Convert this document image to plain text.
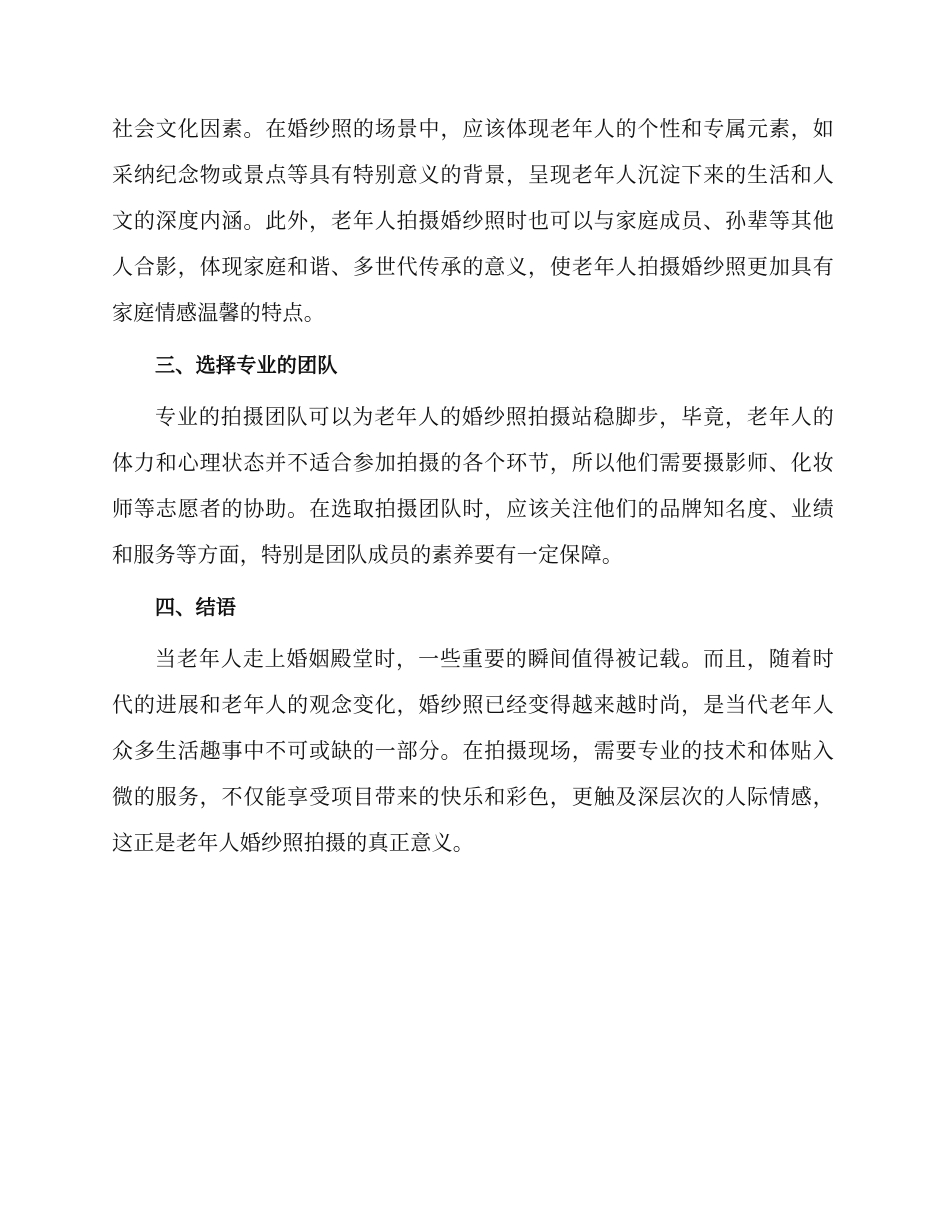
社会文化因素。在婚纱照的场景中，应该体现老年人的个性和专属元素，如采纳纪念物或景点等具有特别意义的背景，呈现老年人沉淀下来的生活和人文的深度内涵。此外，老年人拍摄婚纱照时也可以与家庭成员、孙辈等其他人合影，体现家庭和谐、多世代传承的意义，使老年人拍摄婚纱照更加具有家庭情感温馨的特点。

三、选择专业的团队

专业的拍摄团队可以为老年人的婚纱照拍摄站稳脚步，毕竟，老年人的体力和心理状态并不适合参加拍摄的各个环节，所以他们需要摄影师、化妆师等志愿者的协助。在选取拍摄团队时，应该关注他们的品牌知名度、业绩和服务等方面，特别是团队成员的素养要有一定保障。

四、结语

当老年人走上婚姻殿堂时，一些重要的瞬间值得被记载。而且，随着时代的进展和老年人的观念变化，婚纱照已经变得越来越时尚，是当代老年人众多生活趣事中不可或缺的一部分。在拍摄现场，需要专业的技术和体贴入微的服务，不仅能享受项目带来的快乐和彩色，更触及深层次的人际情感，这正是老年人婚纱照拍摄的真正意义。
